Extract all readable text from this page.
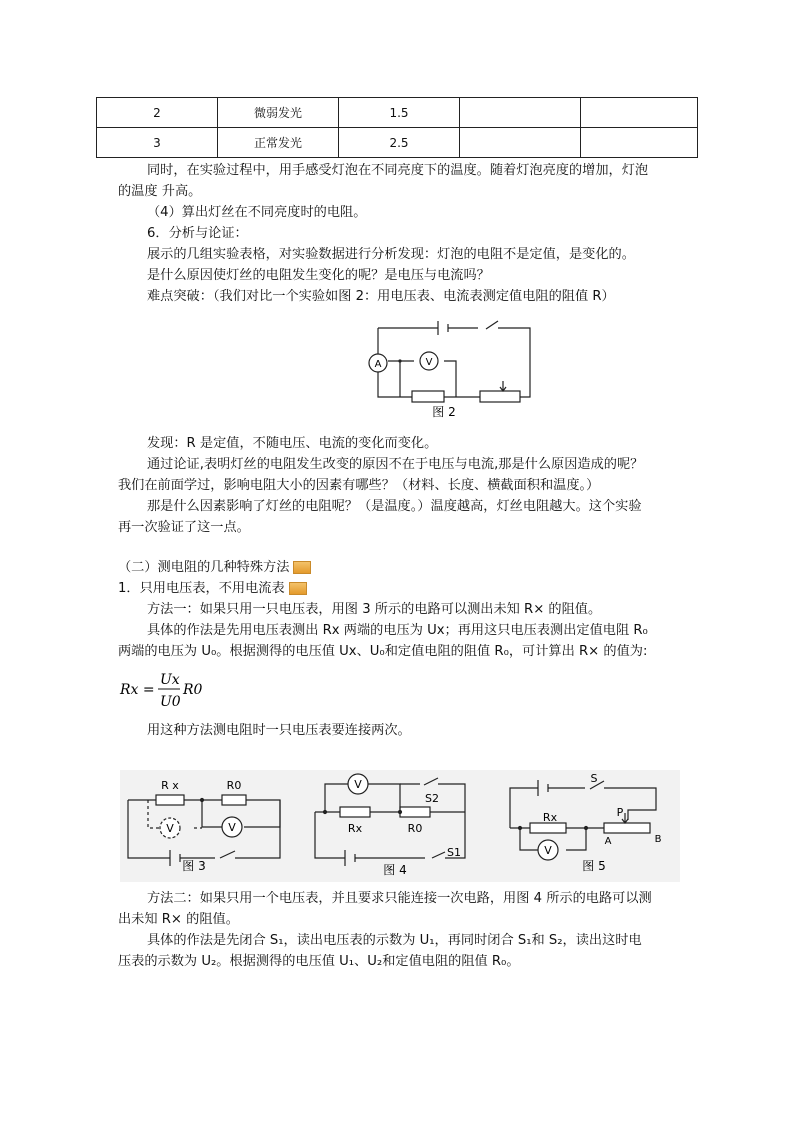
2	微弱发光	1.5		
3	正常发光	2.5		
同时，在实验过程中，用手感受灯泡在不同亮度下的温度。随着灯泡亮度的增加，灯泡
的温度 升高。
（4）算出灯丝在不同亮度时的电阻。
6．分析与论证：
展示的几组实验表格，对实验数据进行分析发现：灯泡的电阻不是定值，是变化的。
是什么原因使灯丝的电阻发生变化的呢？是电压与电流吗？
难点突破：（我们对比一个实验如图 2：用电压表、电流表测定值电阻的阻值 R）
A	V
图 2
发现：R 是定值，不随电压、电流的变化而变化。
通过论证,表明灯丝的电阻发生改变的原因不在于电压与电流,那是什么原因造成的呢？
我们在前面学过，影响电阻大小的因素有哪些？（材料、长度、横截面积和温度。）
那是什么因素影响了灯丝的电阻呢？（是温度。）温度越高，灯丝电阻越大。这个实验
再一次验证了这一点。
（二）测电阻的几种特殊方法
1．只用电压表，不用电流表
方法一：如果只用一只电压表，用图 3 所示的电路可以测出未知 R× 的阻值。
具体的作法是先用电压表测出 Rx 两端的电压为 Ux；再用这只电压表测出定值电阻 R₀
两端的电压为 U₀。根据测得的电压值 Ux、U₀和定值电阻的阻值 R₀，可计算出 R× 的值为:
Rx =
Ux
U0
R0
用这种方法测电阻时一只电压表要连接两次。
R x	R0
V	V
图 3
V
S2
Rx	R0
S1
图 4
S
P
Rx
A	B
V
图 5
方法二：如果只用一个电压表，并且要求只能连接一次电路，用图 4 所示的电路可以测
出未知 R× 的阻值。
具体的作法是先闭合 S₁，读出电压表的示数为 U₁，再同时闭合 S₁和 S₂，读出这时电
压表的示数为 U₂。根据测得的电压值 U₁、U₂和定值电阻的阻值 R₀。
